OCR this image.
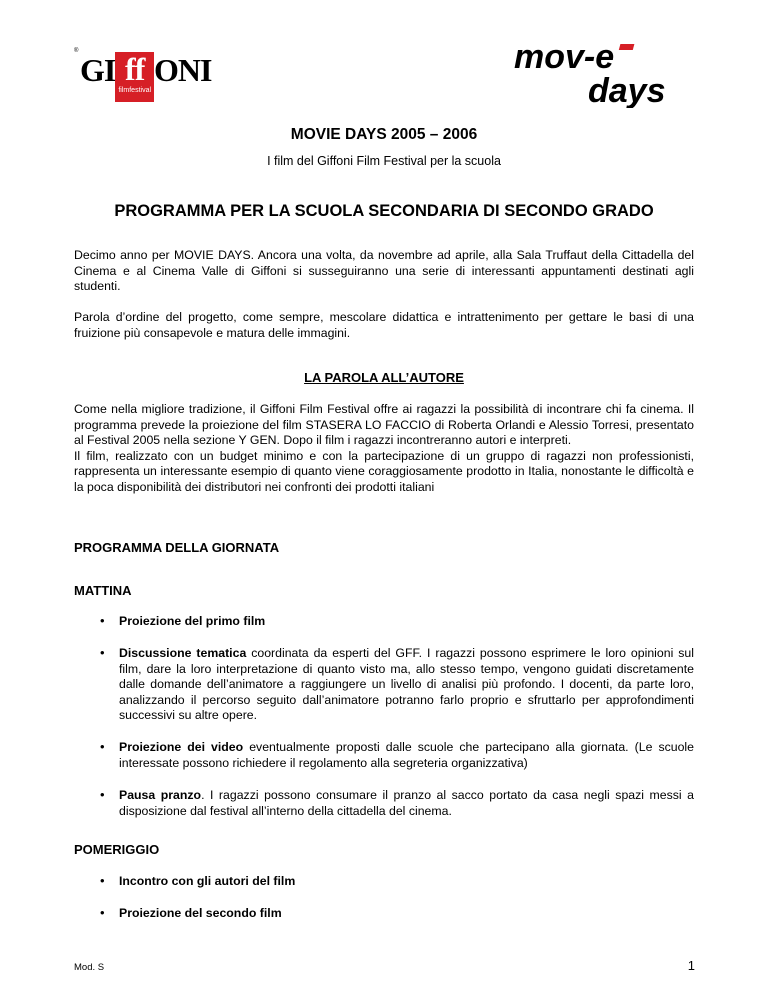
®
GI ff
filmfestival
ONI	mov-e
days
MOVIE DAYS 2005 – 2006
I film del Giffoni Film Festival per la scuola
PROGRAMMA PER LA SCUOLA SECONDARIA DI SECONDO GRADO

Decimo anno per MOVIE DAYS. Ancora una volta, da novembre ad aprile, alla Sala Truffaut della Cittadella del Cinema e al Cinema Valle di Giffoni si susseguiranno una serie di interessanti appuntamenti destinati agli studenti.

Parola d’ordine del progetto, come sempre, mescolare didattica e intrattenimento per gettare le basi di una fruizione più consapevole e matura delle immagini.

LA PAROLA ALL’AUTORE
Come nella migliore tradizione, il Giffoni Film Festival offre ai ragazzi la possibilità di incontrare chi fa cinema. Il programma prevede la proiezione del film STASERA LO FACCIO di Roberta Orlandi e Alessio Torresi, presentato al Festival 2005 nella sezione Y GEN. Dopo il film i ragazzi incontreranno autori e interpreti.
Il film, realizzato con un budget minimo e con la partecipazione di un gruppo di ragazzi non professionisti, rappresenta un interessante esempio di quanto viene coraggiosamente prodotto in Italia, nonostante le difficoltà e la poca disponibilità dei distributori nei confronti dei prodotti italiani
PROGRAMMA DELLA GIORNATA
MATTINA
• Proiezione del primo film

• Discussione tematica coordinata da esperti del GFF. I ragazzi possono esprimere le loro opinioni sul film, dare la loro interpretazione di quanto visto ma, allo stesso tempo, vengono guidati discretamente dalle domande dell’animatore a raggiungere un livello di analisi più profondo. I docenti, da parte loro, analizzando il percorso seguito dall’animatore potranno farlo proprio e sfruttarlo per approfondimenti successivi su altre opere.

• Proiezione dei video eventualmente proposti dalle scuole che partecipano alla giornata. (Le scuole interessate possono richiedere il regolamento alla segreteria organizzativa)

• Pausa pranzo. I ragazzi possono consumare il pranzo al sacco portato da casa negli spazi messi a disposizione dal festival all’interno della cittadella del cinema.

POMERIGGIO
• Incontro con gli autori del film

• Proiezione del secondo film

Mod. S	1
